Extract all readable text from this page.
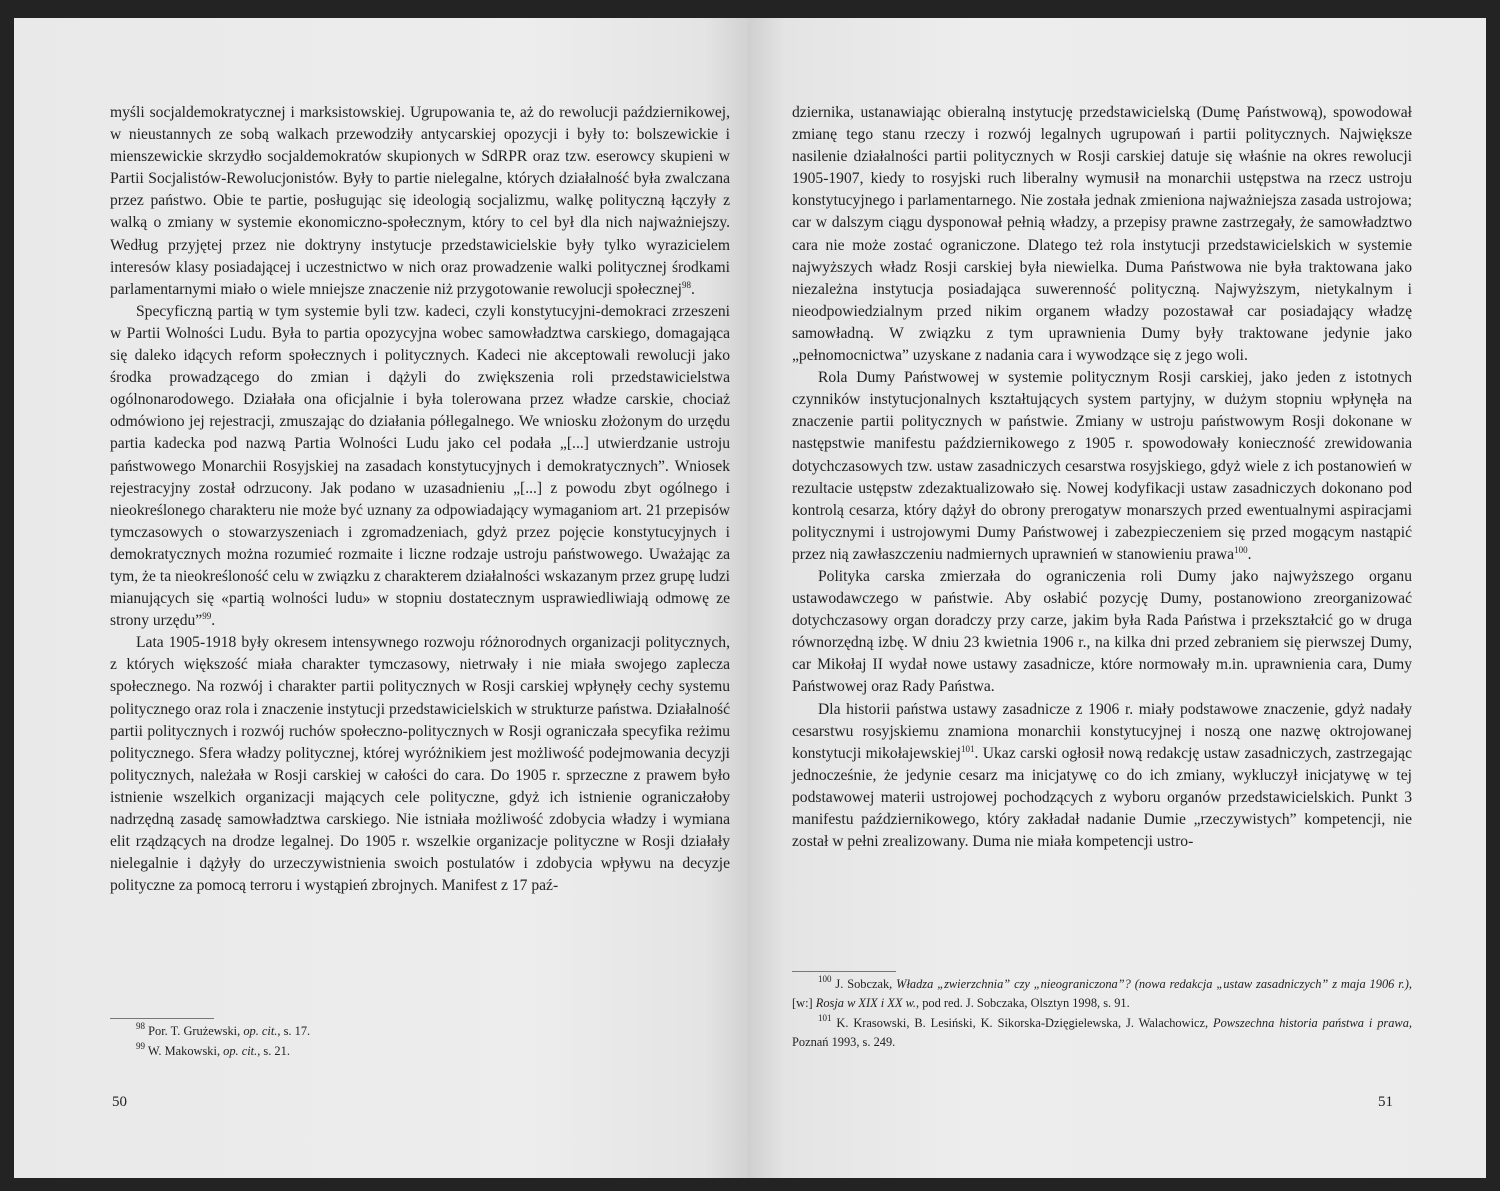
myśli socjaldemokratycznej i marksistowskiej. Ugrupowania te, aż do rewolucji październikowej, w nieustannych ze sobą walkach przewodziły antycarskiej opozycji i były to: bolszewickie i mienszewickie skrzydło socjaldemokratów skupionych w SdRPR oraz tzw. eserowcy skupieni w Partii Socjalistów-Rewolucjonistów. Były to partie nielegalne, których działalność była zwalczana przez państwo. Obie te partie, posługując się ideologią socjalizmu, walkę polityczną łączyły z walką o zmiany w systemie ekonomiczno-społecznym, który to cel był dla nich najważniejszy. Według przyjętej przez nie doktryny instytucje przedstawicielskie były tylko wyrazicielem interesów klasy posiadającej i uczestnictwo w nich oraz prowadzenie walki politycznej środkami parlamentarnymi miało o wiele mniejsze znaczenie niż przygotowanie rewolucji społecznej$^{98}$.

Specyficzną partią w tym systemie byli tzw. kadeci, czyli konstytucyjni-demokraci zrzeszeni w Partii Wolności Ludu. Była to partia opozycyjna wobec samowładztwa carskiego, domagająca się daleko idących reform społecznych i politycznych. Kadeci nie akceptowali rewolucji jako środka prowadzącego do zmian i dążyli do zwiększenia roli przedstawicielstwa ogólnonarodowego. Działała ona oficjalnie i była tolerowana przez władze carskie, chociaż odmówiono jej rejestracji, zmuszając do działania półlegalnego. We wniosku złożonym do urzędu partia kadecka pod nazwą Partia Wolności Ludu jako cel podała „[...] utwierdzanie ustroju państwowego Monarchii Rosyjskiej na zasadach konstytucyjnych i demokratycznych”. Wniosek rejestracyjny został odrzucony. Jak podano w uzasadnieniu „[...] z powodu zbyt ogólnego i nieokreślonego charakteru nie może być uznany za odpowiadający wymaganiom art. 21 przepisów tymczasowych o stowarzyszeniach i zgromadzeniach, gdyż przez pojęcie konstytucyjnych i demokratycznych można rozumieć rozmaite i liczne rodzaje ustroju państwowego. Uważając za tym, że ta nieokreśloność celu w związku z charakterem działalności wskazanym przez grupę ludzi mianujących się «partią wolności ludu» w stopniu dostatecznym usprawiedliwiają odmowę ze strony urzędu”$^{99}$.

Lata 1905-1918 były okresem intensywnego rozwoju różnorodnych organizacji politycznych, z których większość miała charakter tymczasowy, nietrwały i nie miała swojego zaplecza społecznego. Na rozwój i charakter partii politycznych w Rosji carskiej wpłynęły cechy systemu politycznego oraz rola i znaczenie instytucji przedstawicielskich w strukturze państwa. Działalność partii politycznych i rozwój ruchów społeczno-politycznych w Rosji ograniczała specyfika reżimu politycznego. Sfera władzy politycznej, której wyróżnikiem jest możliwość podejmowania decyzji politycznych, należała w Rosji carskiej w całości do cara. Do 1905 r. sprzeczne z prawem było istnienie wszelkich organizacji mających cele polityczne, gdyż ich istnienie ograniczałoby nadrzędną zasadę samowładztwa carskiego. Nie istniała możliwość zdobycia władzy i wymiana elit rządzących na drodze legalnej. Do 1905 r. wszelkie organizacje polityczne w Rosji działały nielegalnie i dążyły do urzeczywistnienia swoich postulatów i zdobycia wpływu na decyzje polityczne za pomocą terroru i wystąpień zbrojnych. Manifest z 17 paź-

$^{98}$ Por. T. Grużewski, op. cit., s. 17.

$^{99}$ W. Makowski, op. cit., s. 21.

50

dziernika, ustanawiając obieralną instytucję przedstawicielską (Dumę Państwową), spowodował zmianę tego stanu rzeczy i rozwój legalnych ugrupowań i partii politycznych. Największe nasilenie działalności partii politycznych w Rosji carskiej datuje się właśnie na okres rewolucji 1905-1907, kiedy to rosyjski ruch liberalny wymusił na monarchii ustępstwa na rzecz ustroju konstytucyjnego i parlamentarnego. Nie została jednak zmieniona najważniejsza zasada ustrojowa; car w dalszym ciągu dysponował pełnią władzy, a przepisy prawne zastrzegały, że samowładztwo cara nie może zostać ograniczone. Dlatego też rola instytucji przedstawicielskich w systemie najwyższych władz Rosji carskiej była niewielka. Duma Państwowa nie była traktowana jako niezależna instytucja posiadająca suwerenność polityczną. Najwyższym, nietykalnym i nieodpowiedzialnym przed nikim organem władzy pozostawał car posiadający władzę samowładną. W związku z tym uprawnienia Dumy były traktowane jedynie jako „pełnomocnictwa” uzyskane z nadania cara i wywodzące się z jego woli.

Rola Dumy Państwowej w systemie politycznym Rosji carskiej, jako jeden z istotnych czynników instytucjonalnych kształtujących system partyjny, w dużym stopniu wpłynęła na znaczenie partii politycznych w państwie. Zmiany w ustroju państwowym Rosji dokonane w następstwie manifestu październikowego z 1905 r. spowodowały konieczność zrewidowania dotychczasowych tzw. ustaw zasadniczych cesarstwa rosyjskiego, gdyż wiele z ich postanowień w rezultacie ustępstw zdezaktualizowało się. Nowej kodyfikacji ustaw zasadniczych dokonano pod kontrolą cesarza, który dążył do obrony prerogatyw monarszych przed ewentualnymi aspiracjami politycznymi i ustrojowymi Dumy Państwowej i zabezpieczeniem się przed mogącym nastąpić przez nią zawłaszczeniu nadmiernych uprawnień w stanowieniu prawa$^{100}$.

Polityka carska zmierzała do ograniczenia roli Dumy jako najwyższego organu ustawodawczego w państwie. Aby osłabić pozycję Dumy, postanowiono zreorganizować dotychczasowy organ doradczy przy carze, jakim była Rada Państwa i przekształcić go w druga równorzędną izbę. W dniu 23 kwietnia 1906 r., na kilka dni przed zebraniem się pierwszej Dumy, car Mikołaj II wydał nowe ustawy zasadnicze, które normowały m.in. uprawnienia cara, Dumy Państwowej oraz Rady Państwa.

Dla historii państwa ustawy zasadnicze z 1906 r. miały podstawowe znaczenie, gdyż nadały cesarstwu rosyjskiemu znamiona monarchii konstytucyjnej i noszą one nazwę oktrojowanej konstytucji mikołajewskiej$^{101}$. Ukaz carski ogłosił nową redakcję ustaw zasadniczych, zastrzegając jednocześnie, że jedynie cesarz ma inicjatywę co do ich zmiany, wykluczył inicjatywę w tej podstawowej materii ustrojowej pochodzących z wyboru organów przedstawicielskich. Punkt 3 manifestu październikowego, który zakładał nadanie Dumie „rzeczywistych” kompetencji, nie został w pełni zrealizowany. Duma nie miała kompetencji ustro-

$^{100}$ J. Sobczak, Władza „zwierzchnia” czy „nieograniczona”? (nowa redakcja „ustaw zasadniczych” z maja 1906 r.), [w:] Rosja w XIX i XX w., pod red. J. Sobczaka, Olsztyn 1998, s. 91.

$^{101}$ K. Krasowski, B. Lesiński, K. Sikorska-Dzięgielewska, J. Walachowicz, Powszechna historia państwa i prawa, Poznań 1993, s. 249.

51
